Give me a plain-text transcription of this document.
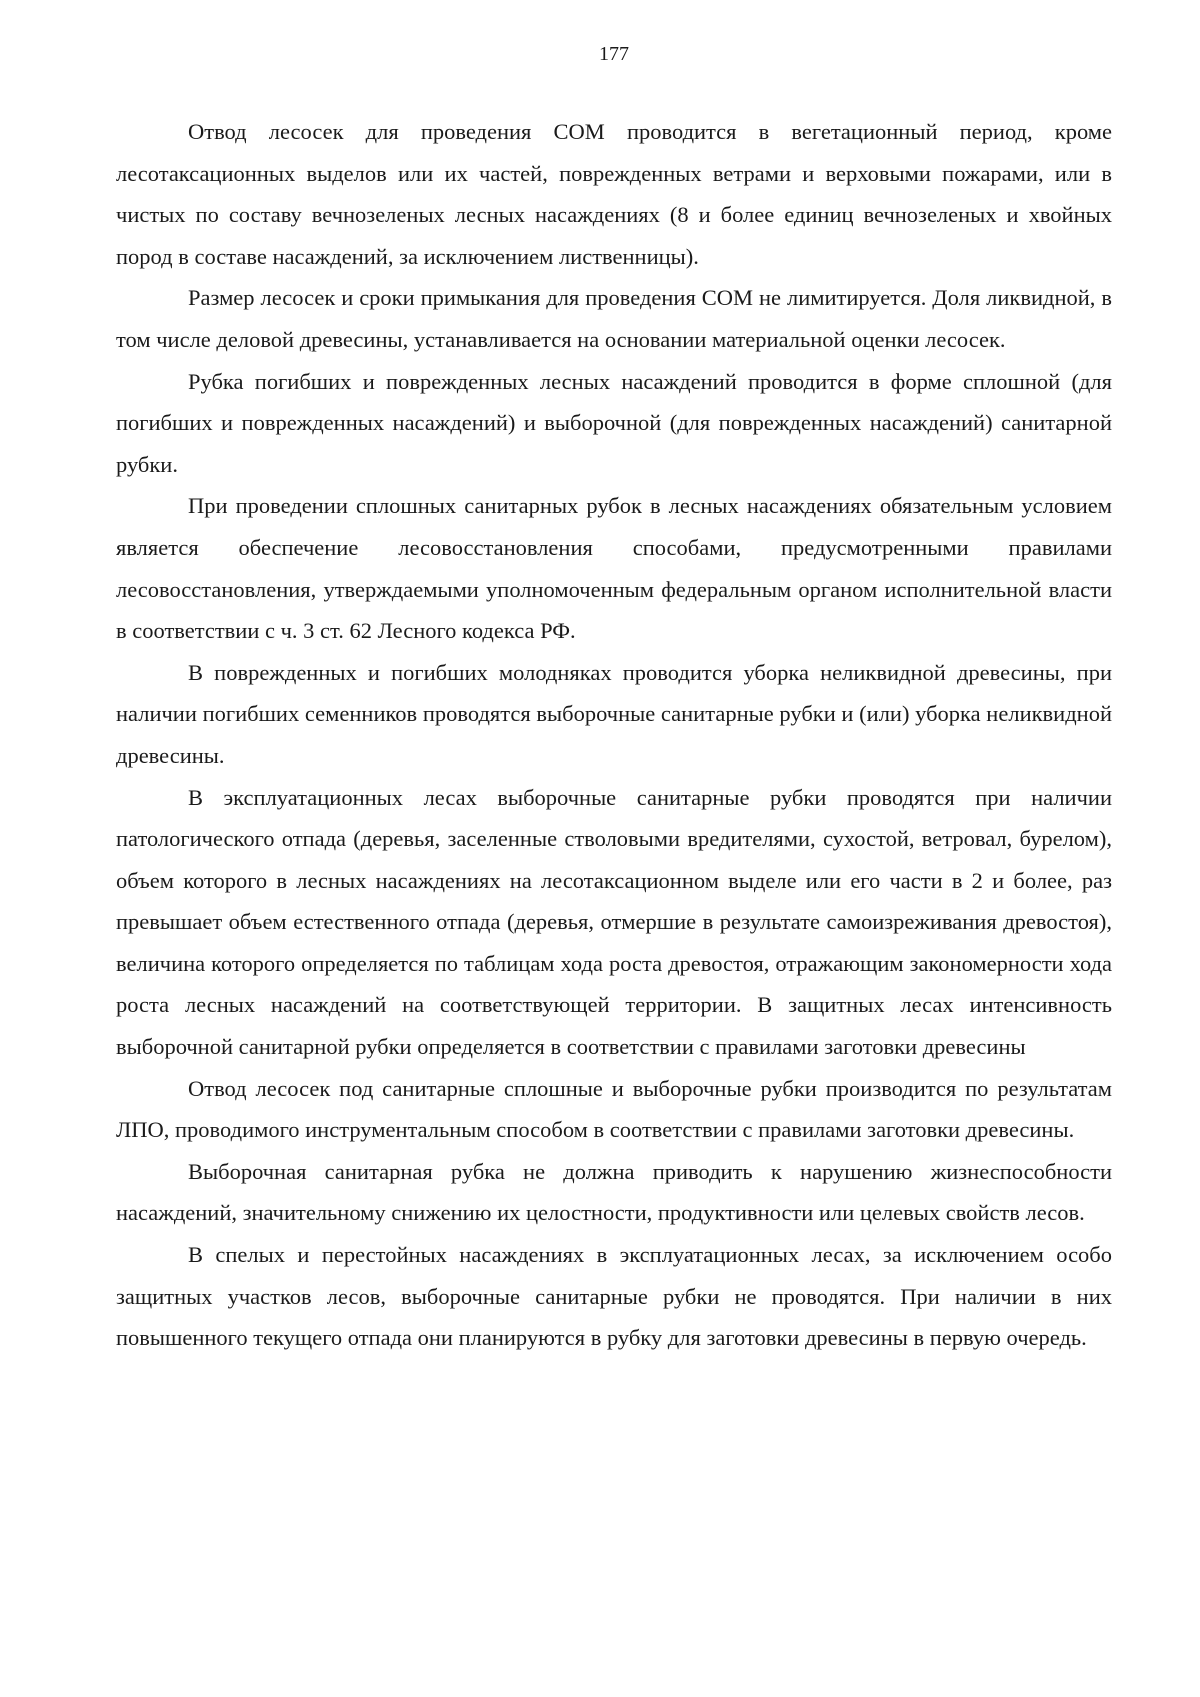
177

Отвод лесосек для проведения СОМ проводится в вегетационный период, кроме лесотаксационных выделов или их частей, поврежденных ветрами и верховыми пожарами, или в чистых по составу вечнозеленых лесных насаждениях (8 и более единиц вечнозеленых и хвойных пород в составе насаждений, за исключением лиственницы).

Размер лесосек и сроки примыкания для проведения СОМ не лимитируется. Доля ликвидной, в том числе деловой древесины, устанавливается на основании материальной оценки лесосек.

Рубка погибших и поврежденных лесных насаждений проводится в форме сплошной (для погибших и поврежденных насаждений) и выборочной (для поврежденных насаждений) санитарной рубки.

При проведении сплошных санитарных рубок в лесных насаждениях обязательным условием является обеспечение лесовосстановления способами, предусмотренными правилами лесовосстановления, утверждаемыми уполномоченным федеральным органом исполнительной власти в соответствии с ч. 3 ст. 62 Лесного кодекса РФ.

В поврежденных и погибших молодняках проводится уборка неликвидной древесины, при наличии погибших семенников проводятся выборочные санитарные рубки и (или) уборка неликвидной древесины.

В эксплуатационных лесах выборочные санитарные рубки проводятся при наличии патологического отпада (деревья, заселенные стволовыми вредителями, сухостой, ветровал, бурелом), объем которого в лесных насаждениях на лесотаксационном выделе или его части в 2 и более, раз превышает объем естественного отпада (деревья, отмершие в результате самоизреживания древостоя), величина которого определяется по таблицам хода роста древостоя, отражающим закономерности хода роста лесных насаждений на соответствующей территории. В защитных лесах интенсивность выборочной санитарной рубки определяется в соответствии с правилами заготовки древесины

Отвод лесосек под санитарные сплошные и выборочные рубки производится по результатам ЛПО, проводимого инструментальным способом в соответствии с правилами заготовки древесины.

Выборочная санитарная рубка не должна приводить к нарушению жизнеспособности насаждений, значительному снижению их целостности, продуктивности или целевых свойств лесов.

В спелых и перестойных насаждениях в эксплуатационных лесах, за исключением особо защитных участков лесов, выборочные санитарные рубки не проводятся. При наличии в них повышенного текущего отпада они планируются в рубку для заготовки древесины в первую очередь.
